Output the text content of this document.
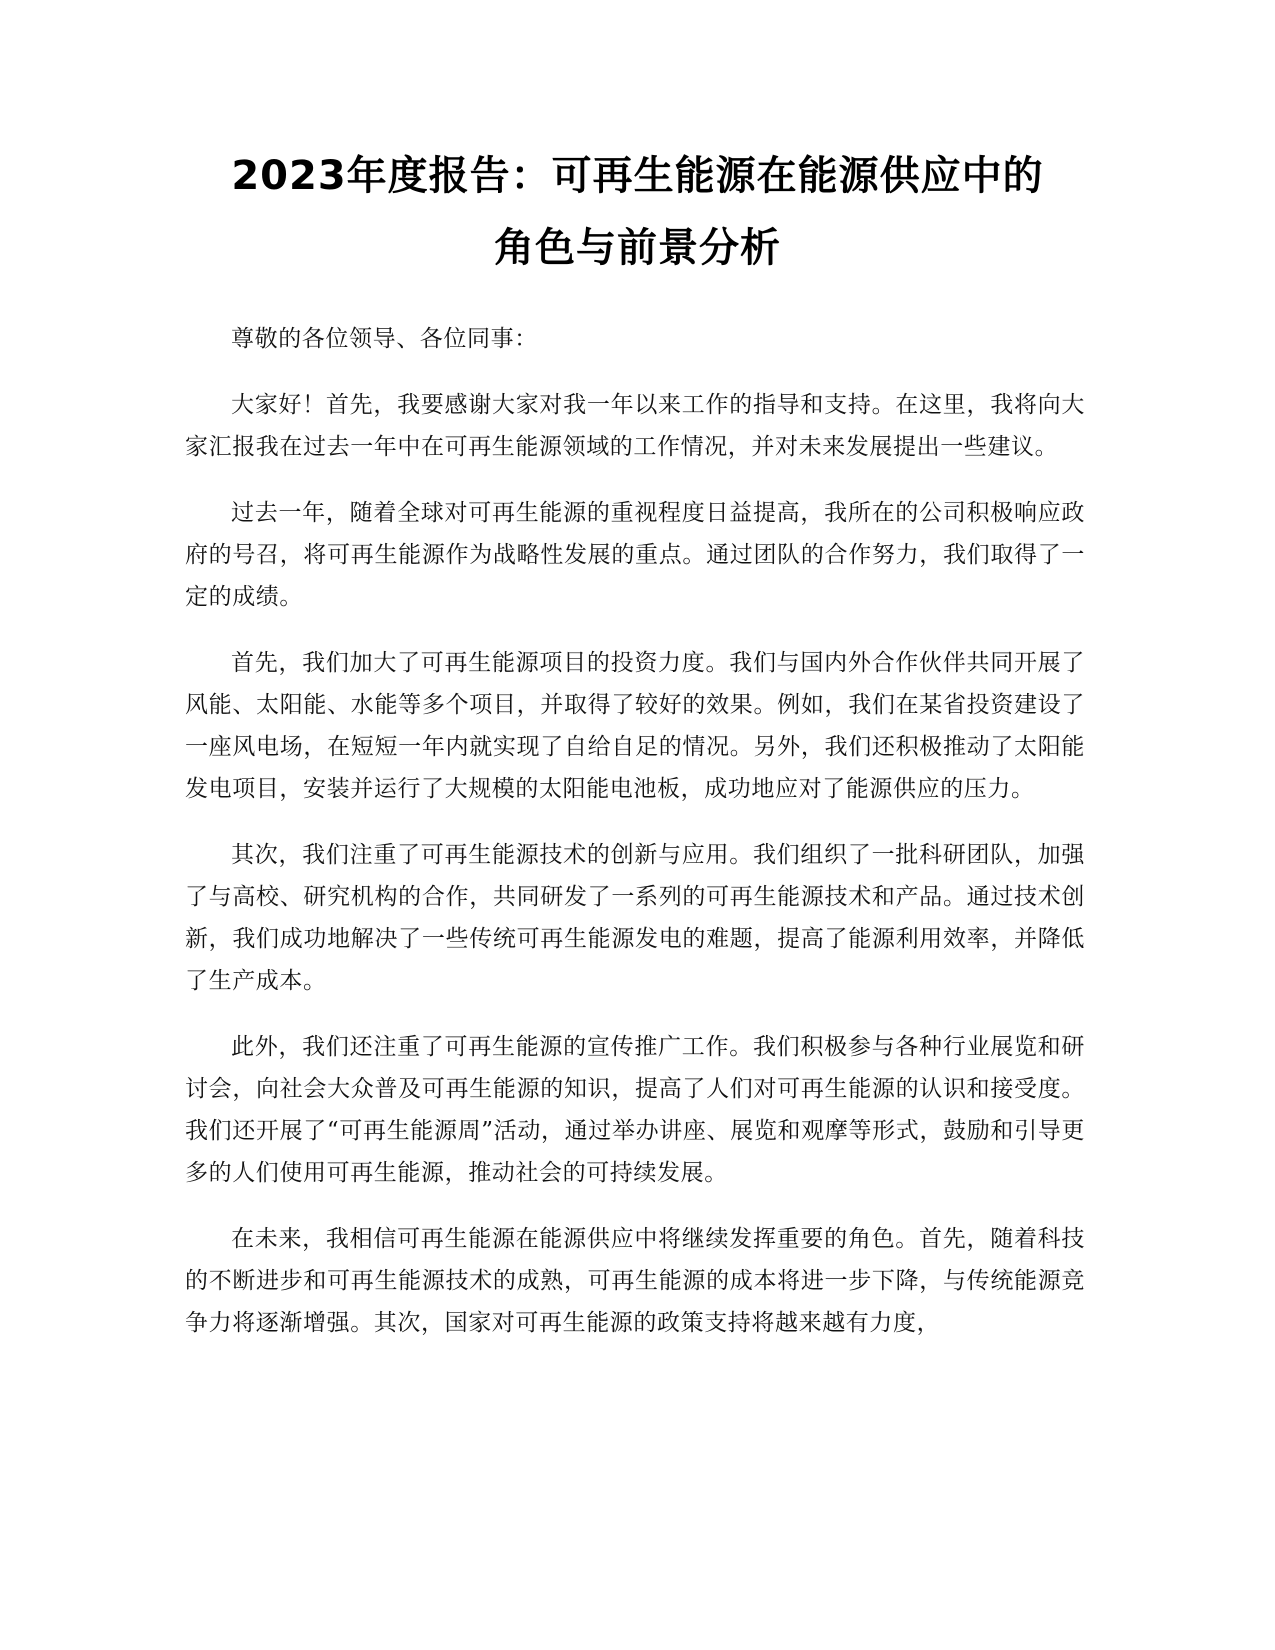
2023年度报告：可再生能源在能源供应中的
角色与前景分析

尊敬的各位领导、各位同事：

大家好！首先，我要感谢大家对我一年以来工作的指导和支持。在这里，我将向大家汇报我在过去一年中在可再生能源领域的工作情况，并对未来发展提出一些建议。

过去一年，随着全球对可再生能源的重视程度日益提高，我所在的公司积极响应政府的号召，将可再生能源作为战略性发展的重点。通过团队的合作努力，我们取得了一定的成绩。

首先，我们加大了可再生能源项目的投资力度。我们与国内外合作伙伴共同开展了风能、太阳能、水能等多个项目，并取得了较好的效果。例如，我们在某省投资建设了一座风电场，在短短一年内就实现了自给自足的情况。另外，我们还积极推动了太阳能发电项目，安装并运行了大规模的太阳能电池板，成功地应对了能源供应的压力。

其次，我们注重了可再生能源技术的创新与应用。我们组织了一批科研团队，加强了与高校、研究机构的合作，共同研发了一系列的可再生能源技术和产品。通过技术创新，我们成功地解决了一些传统可再生能源发电的难题，提高了能源利用效率，并降低了生产成本。

此外，我们还注重了可再生能源的宣传推广工作。我们积极参与各种行业展览和研讨会，向社会大众普及可再生能源的知识，提高了人们对可再生能源的认识和接受度。我们还开展了“可再生能源周”活动，通过举办讲座、展览和观摩等形式，鼓励和引导更多的人们使用可再生能源，推动社会的可持续发展。

在未来，我相信可再生能源在能源供应中将继续发挥重要的角色。首先，随着科技的不断进步和可再生能源技术的成熟，可再生能源的成本将进一步下降，与传统能源竞争力将逐渐增强。其次，国家对可再生能源的政策支持将越来越有力度，
